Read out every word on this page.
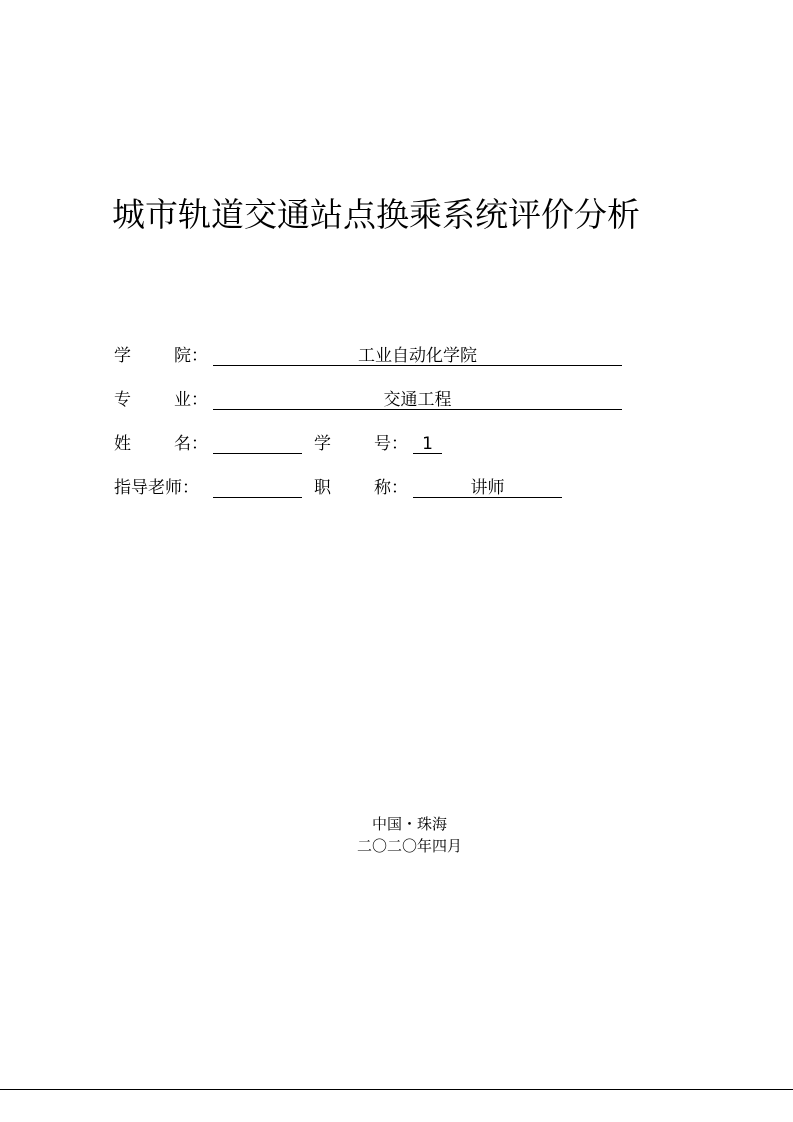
城市轨道交通站点换乘系统评价分析
学	院：	工业自动化学院
专	业：	交通工程
姓	名：	学	号： 1
指导老师：	职	称：	讲师
中国・珠海
二〇二〇年四月
